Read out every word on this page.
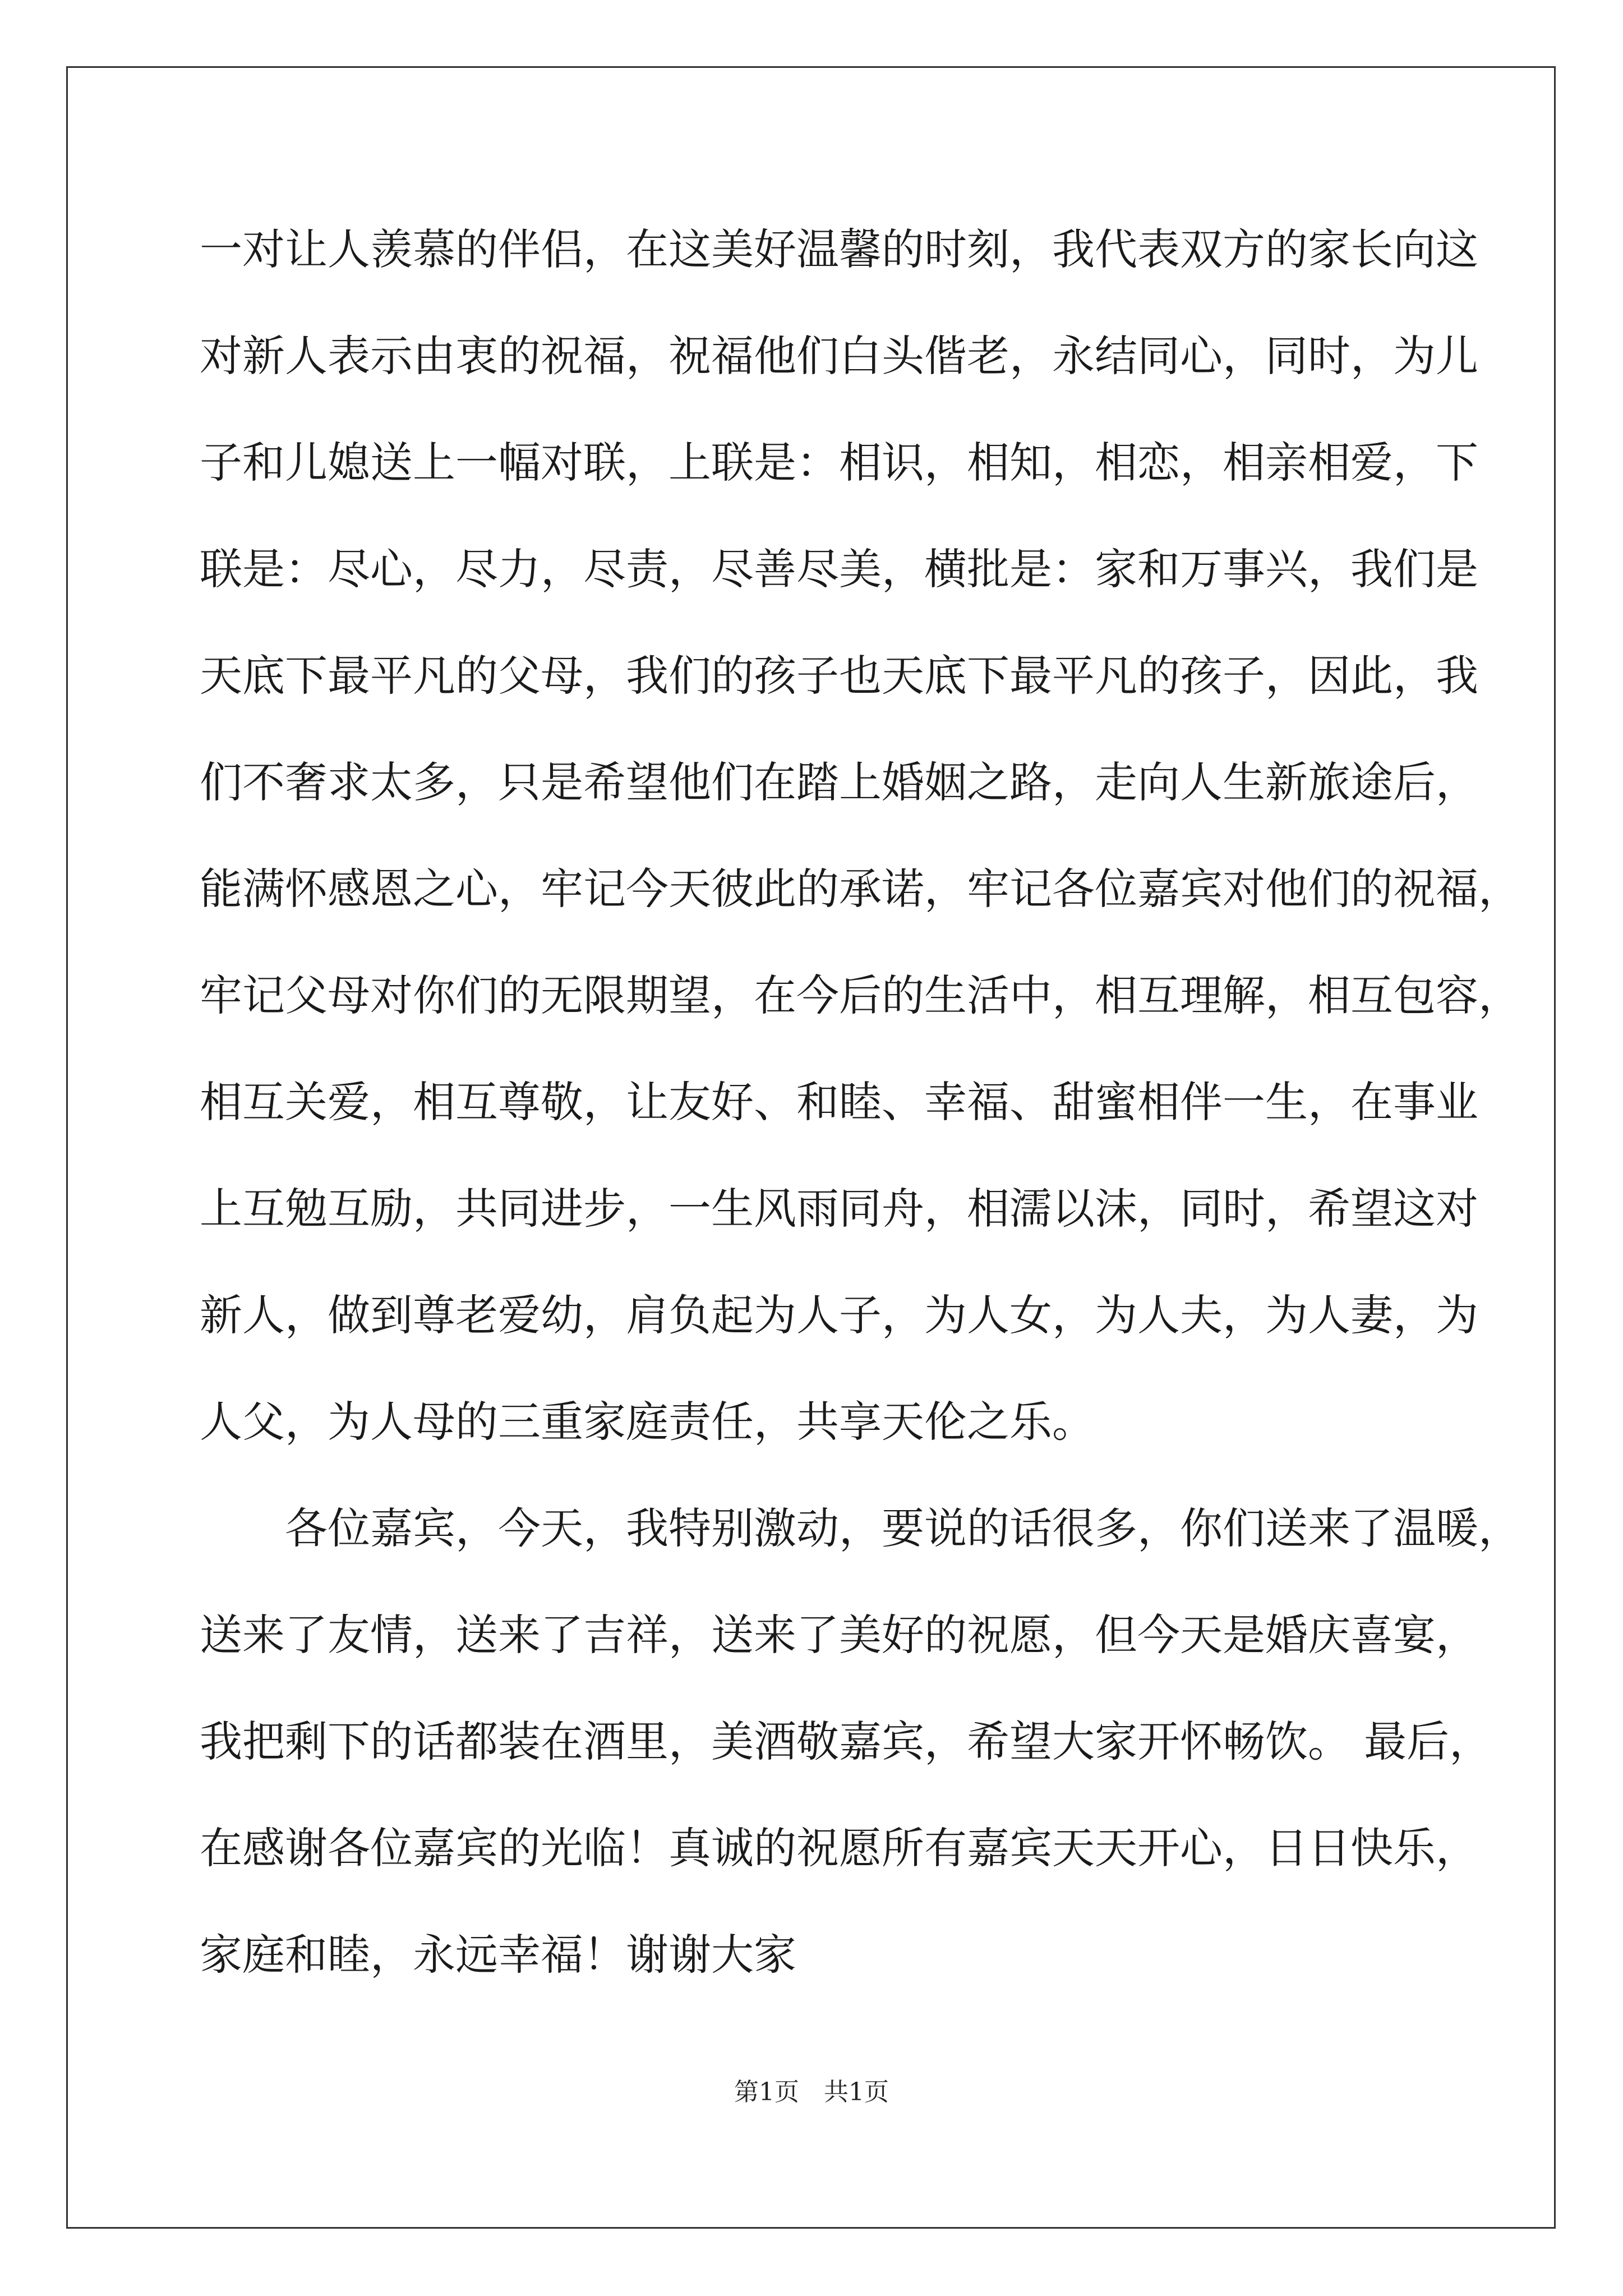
一对让人羡慕的伴侣，在这美好温馨的时刻，我代表双方的家长向这
对新人表示由衷的祝福，祝福他们白头偕老，永结同心，同时，为儿
子和儿媳送上一幅对联，上联是：相识，相知，相恋，相亲相爱，下
联是：尽心，尽力，尽责，尽善尽美，横批是：家和万事兴，我们是
天底下最平凡的父母，我们的孩子也天底下最平凡的孩子，因此，我
们不奢求太多，只是希望他们在踏上婚姻之路，走向人生新旅途后，
能满怀感恩之心，牢记今天彼此的承诺，牢记各位嘉宾对他们的祝福，
牢记父母对你们的无限期望，在今后的生活中，相互理解，相互包容，
相互关爱，相互尊敬，让友好、和睦、幸福、甜蜜相伴一生，在事业
上互勉互励，共同进步，一生风雨同舟，相濡以沫，同时，希望这对
新人，做到尊老爱幼，肩负起为人子，为人女，为人夫，为人妻，为
人父，为人母的三重家庭责任，共享天伦之乐。
　　各位嘉宾，今天，我特别激动，要说的话很多，你们送来了温暖，
送来了友情，送来了吉祥，送来了美好的祝愿，但今天是婚庆喜宴，
我把剩下的话都装在酒里，美酒敬嘉宾，希望大家开怀畅饮。 最后，
在感谢各位嘉宾的光临！真诚的祝愿所有嘉宾天天开心，日日快乐，
家庭和睦，永远幸福！谢谢大家
第1页　共1页
